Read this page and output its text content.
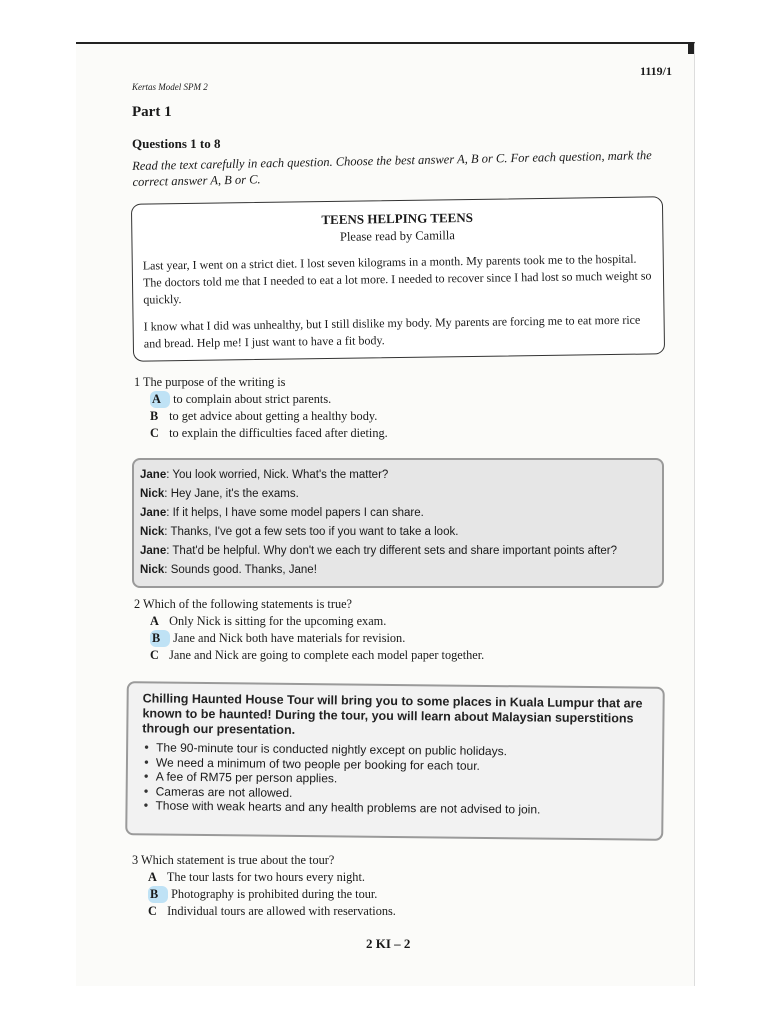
1119/1
Kertas Model SPM 2
Part 1
Questions 1 to 8
Read the text carefully in each question. Choose the best answer A, B or C. For each question, mark the correct answer A, B or C.
TEENS HELPING TEENS
Please read by Camilla

Last year, I went on a strict diet. I lost seven kilograms in a month. My parents took me to the hospital. The doctors told me that I needed to eat a lot more. I needed to recover since I had lost so much weight so quickly.

I know what I did was unhealthy, but I still dislike my body. My parents are forcing me to eat more rice and bread. Help me! I just want to have a fit body.

1 The purpose of the writing is
A to complain about strict parents.
B to get advice about getting a healthy body.
C to explain the difficulties faced after dieting.
Jane: You look worried, Nick. What's the matter?
Nick: Hey Jane, it's the exams.
Jane: If it helps, I have some model papers I can share.
Nick: Thanks, I've got a few sets too if you want to take a look.
Jane: That'd be helpful. Why don't we each try different sets and share important points after?
Nick: Sounds good. Thanks, Jane!
2 Which of the following statements is true?
A Only Nick is sitting for the upcoming exam.
B Jane and Nick both have materials for revision.
C Jane and Nick are going to complete each model paper together.
Chilling Haunted House Tour will bring you to some places in Kuala Lumpur that are known to be haunted! During the tour, you will learn about Malaysian superstitions through our presentation.
● The 90-minute tour is conducted nightly except on public holidays.
● We need a minimum of two people per booking for each tour.
● A fee of RM75 per person applies.
● Cameras are not allowed.
● Those with weak hearts and any health problems are not advised to join.
3 Which statement is true about the tour?
A The tour lasts for two hours every night.
B Photography is prohibited during the tour.
C Individual tours are allowed with reservations.
2 KI – 2
